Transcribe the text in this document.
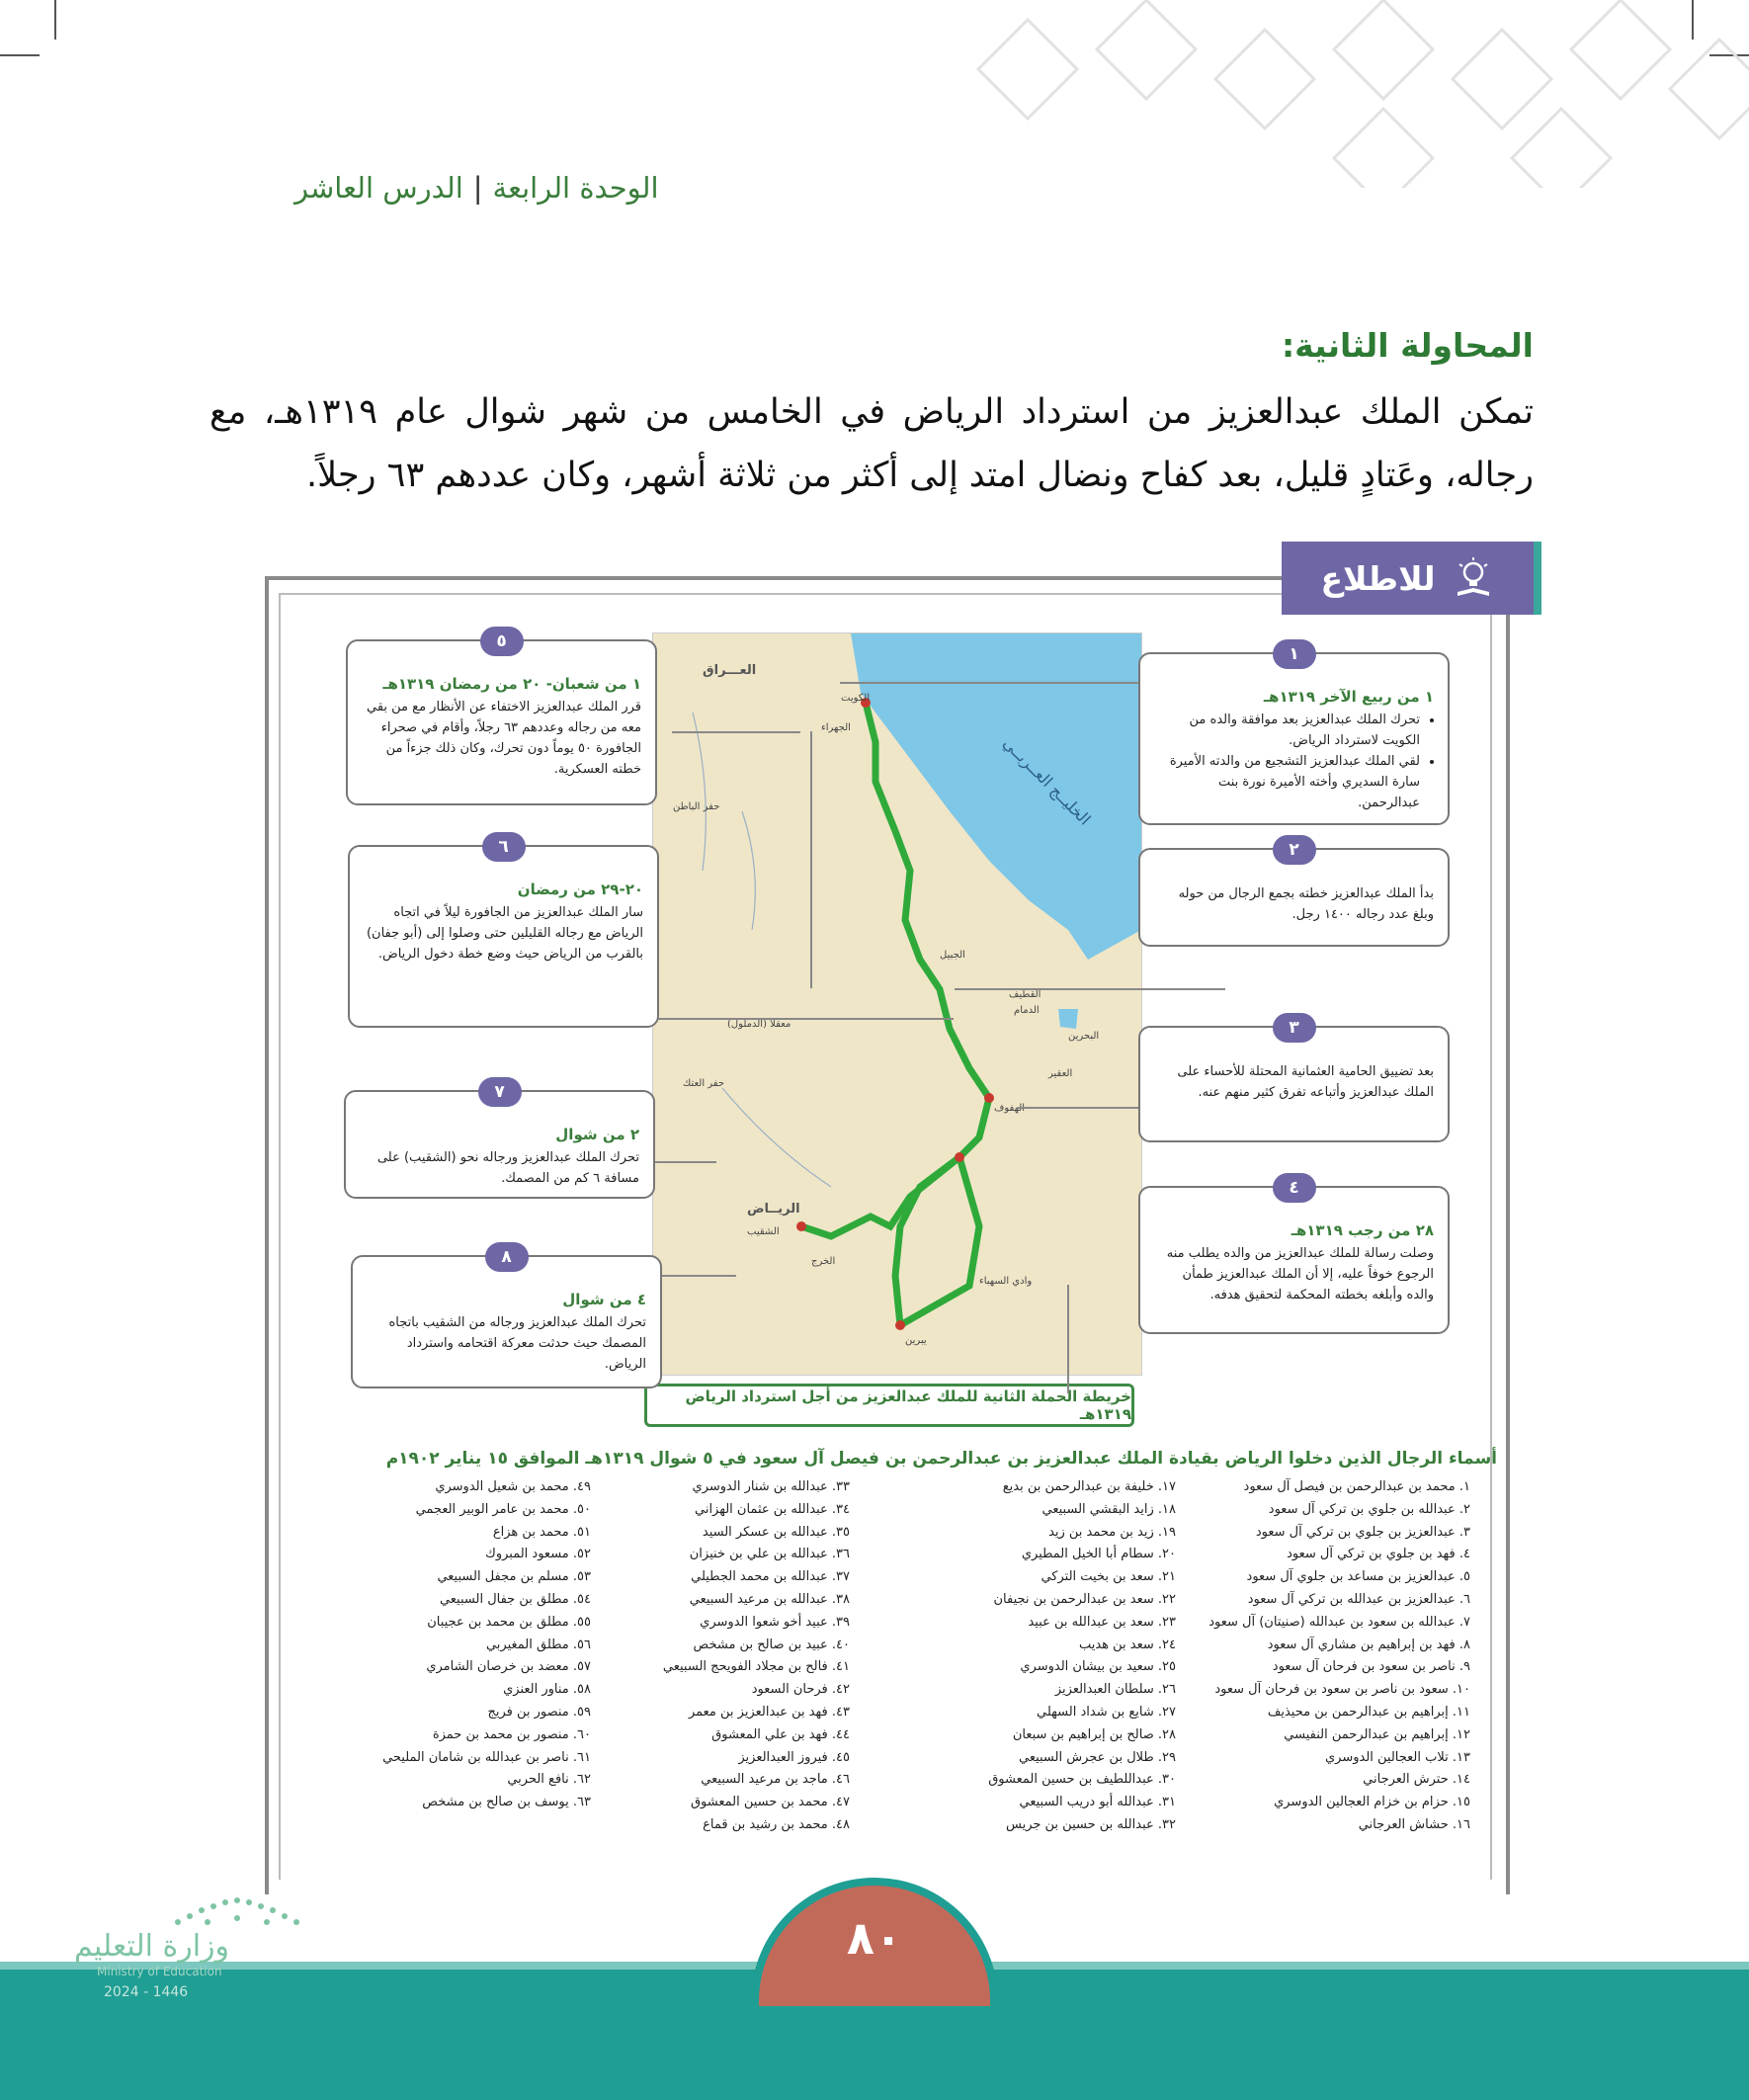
الوحدة الرابعة|الدرس العاشر
المحاولة الثانية:
تمكن الملك عبدالعزيز من استرداد الرياض في الخامس من شهر شوال عام ١٣١٩هـ، مع رجاله، وعَتادٍ قليل، بعد كفاح ونضال امتد إلى أكثر من ثلاثة أشهر، وكان عددهم ٦٣ رجلاً.
للاطلاع
العـــراق
الخليــج العــربــي
الكويت
الجهراء
حفر الباطن
الجبيل
القطيف
الدمام
البحرين
العقير
معقلا (الدملول)
حفر العتك
الهفوف
الريــاض
الشقيب
الخرج
وادي السهباء
يبرين
خريطة الحملة الثانية للملك عبدالعزيز من أجل استرداد الرياض ١٣١٩هـ
١
١ من ربيع الآخر ١٣١٩هـ
• تحرك الملك عبدالعزيز بعد موافقة والده من الكويت لاسترداد الرياض.
• لقي الملك عبدالعزيز التشجيع من والدته الأميرة سارة السديري وأخته الأميرة نورة بنت عبدالرحمن.
٢
بدأ الملك عبدالعزيز خطته بجمع الرجال من حوله وبلغ عدد رجاله ١٤٠٠ رجل.
٣
بعد تضييق الحامية العثمانية المحتلة للأحساء على الملك عبدالعزيز وأتباعه تفرق كثير منهم عنه.
٤
٢٨ من رجب ١٣١٩هـ
وصلت رسالة للملك عبدالعزيز من والده يطلب منه الرجوع خوفاً عليه، إلا أن الملك عبدالعزيز طمأن والده وأبلغه بخطته المحكمة لتحقيق هدفه.
٥
١ من شعبان- ٢٠ من رمضان ١٣١٩هـ
قرر الملك عبدالعزيز الاختفاء عن الأنظار مع من بقي معه من رجاله وعددهم ٦٣ رجلاً، وأقام في صحراء الجافورة ٥٠ يوماً دون تحرك، وكان ذلك جزءاً من خطته العسكرية.
٦
٢٠-٢٩ من رمضان
سار الملك عبدالعزيز من الجافورة ليلاً في اتجاه الرياض مع رجاله القليلين حتى وصلوا إلى (أبو جفان) بالقرب من الرياض حيث وضع خطة دخول الرياض.
٧
٢ من شوال
تحرك الملك عبدالعزيز ورجاله نحو (الشقيب) على مسافة ٦ كم من المصمك.
٨
٤ من شوال
تحرك الملك عبدالعزيز ورجاله من الشقيب باتجاه المصمك حيث حدثت معركة اقتحامه واسترداد الرياض.
أسماء الرجال الذين دخلوا الرياض بقيادة الملك عبدالعزيز بن عبدالرحمن بن فيصل آل سعود في ٥ شوال ١٣١٩هـ الموافق ١٥ يناير ١٩٠٢م
١. محمد بن عبدالرحمن بن فيصل آل سعود
٢. عبدالله بن جلوي بن تركي آل سعود
٣. عبدالعزيز بن جلوي بن تركي آل سعود
٤. فهد بن جلوي بن تركي آل سعود
٥. عبدالعزيز بن مساعد بن جلوي آل سعود
٦. عبدالعزيز بن عبدالله بن تركي آل سعود
٧. عبدالله بن سعود بن عبدالله (صنيتان) آل سعود
٨. فهد بن إبراهيم بن مشاري آل سعود
٩. ناصر بن سعود بن فرحان آل سعود
١٠. سعود بن ناصر بن سعود بن فرحان آل سعود
١١. إبراهيم بن عبدالرحمن بن محيذيف
١٢. إبراهيم بن عبدالرحمن النفيسي
١٣. تلاب العجالين الدوسري
١٤. حترش العرجاني
١٥. حزام بن خزام العجالين الدوسري
١٦. حشاش العرجاني
١٧. خليفة بن عبدالرحمن بن بديع
١٨. زايد البقشي السبيعي
١٩. زيد بن محمد بن زيد
٢٠. سطام أبا الخيل المطيري
٢١. سعد بن بخيت التركي
٢٢. سعد بن عبدالرحمن بن نجيفان
٢٣. سعد بن عبدالله بن عبيد
٢٤. سعد بن هديب
٢٥. سعيد بن بيشان الدوسري
٢٦. سلطان العبدالعزيز
٢٧. شايع بن شداد السهلي
٢٨. صالح بن إبراهيم بن سبعان
٢٩. طلال بن عجرش السبيعي
٣٠. عبداللطيف بن حسين المعشوق
٣١. عبدالله أبو دريب السبيعي
٣٢. عبدالله بن حسين بن جريس
٣٣. عبدالله بن شنار الدوسري
٣٤. عبدالله بن عثمان الهزاني
٣٥. عبدالله بن عسكر السيد
٣٦. عبدالله بن علي بن خنيزان
٣٧. عبدالله بن محمد الجطيلي
٣٨. عبدالله بن مرعيد السبيعي
٣٩. عبيد أخو شعوا الدوسري
٤٠. عبيد بن صالح بن مشخص
٤١. فالح بن مجلاد الفويحج السبيعي
٤٢. فرحان السعود
٤٣. فهد بن عبدالعزيز بن معمر
٤٤. فهد بن علي المعشوق
٤٥. فيروز العبدالعزيز
٤٦. ماجد بن مرعيد السبيعي
٤٧. محمد بن حسين المعشوق
٤٨. محمد بن رشيد بن قماع
٤٩. محمد بن شعيل الدوسري
٥٠. محمد بن عامر الوبير العجمي
٥١. محمد بن هزاع
٥٢. مسعود المبروك
٥٣. مسلم بن مجفل السبيعي
٥٤. مطلق بن جفال السبيعي
٥٥. مطلق بن محمد بن عجيبان
٥٦. مطلق المغيربي
٥٧. معضد بن خرصان الشامري
٥٨. مناور العنزي
٥٩. منصور بن فريج
٦٠. منصور بن محمد بن حمزة
٦١. ناصر بن عبدالله بن شامان المليحي
٦٢. نافع الحربي
٦٣. يوسف بن صالح بن مشخص
٨٠
وزارة التعليم
Ministry of Education
2024 - 1446
